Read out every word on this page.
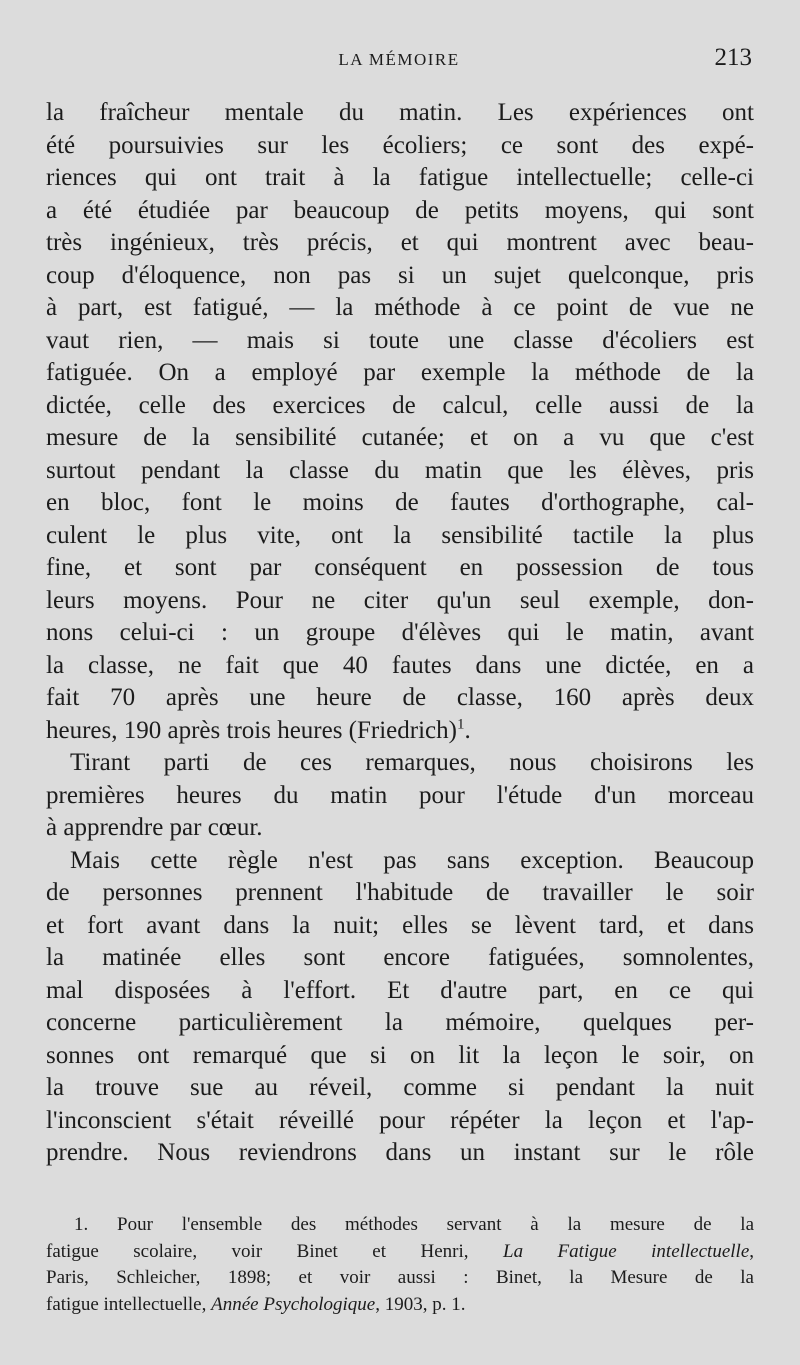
LA MÉMOIRE	213
la fraîcheur mentale du matin. Les expériences ont
été poursuivies sur les écoliers; ce sont des expé-
riences qui ont trait à la fatigue intellectuelle; celle-ci
a été étudiée par beaucoup de petits moyens, qui sont
très ingénieux, très précis, et qui montrent avec beau-
coup d'éloquence, non pas si un sujet quelconque, pris
à part, est fatigué, — la méthode à ce point de vue ne
vaut rien, — mais si toute une classe d'écoliers est
fatiguée. On a employé par exemple la méthode de la
dictée, celle des exercices de calcul, celle aussi de la
mesure de la sensibilité cutanée; et on a vu que c'est
surtout pendant la classe du matin que les élèves, pris
en bloc, font le moins de fautes d'orthographe, cal-
culent le plus vite, ont la sensibilité tactile la plus
fine, et sont par conséquent en possession de tous
leurs moyens. Pour ne citer qu'un seul exemple, don-
nons celui-ci : un groupe d'élèves qui le matin, avant
la classe, ne fait que 40 fautes dans une dictée, en a
fait 70 après une heure de classe, 160 après deux
heures, 190 après trois heures (Friedrich)$^1$.
Tirant parti de ces remarques, nous choisirons les
premières heures du matin pour l'étude d'un morceau
à apprendre par cœur.
Mais cette règle n'est pas sans exception. Beaucoup
de personnes prennent l'habitude de travailler le soir
et fort avant dans la nuit; elles se lèvent tard, et dans
la matinée elles sont encore fatiguées, somnolentes,
mal disposées à l'effort. Et d'autre part, en ce qui
concerne particulièrement la mémoire, quelques per-
sonnes ont remarqué que si on lit la leçon le soir, on
la trouve sue au réveil, comme si pendant la nuit
l'inconscient s'était réveillé pour répéter la leçon et l'ap-
prendre. Nous reviendrons dans un instant sur le rôle
1. Pour l'ensemble des méthodes servant à la mesure de la
fatigue scolaire, voir Binet et Henri, La Fatigue intellectuelle,
Paris, Schleicher, 1898; et voir aussi : Binet, la Mesure de la
fatigue intellectuelle, Année Psychologique, 1903, p. 1.
